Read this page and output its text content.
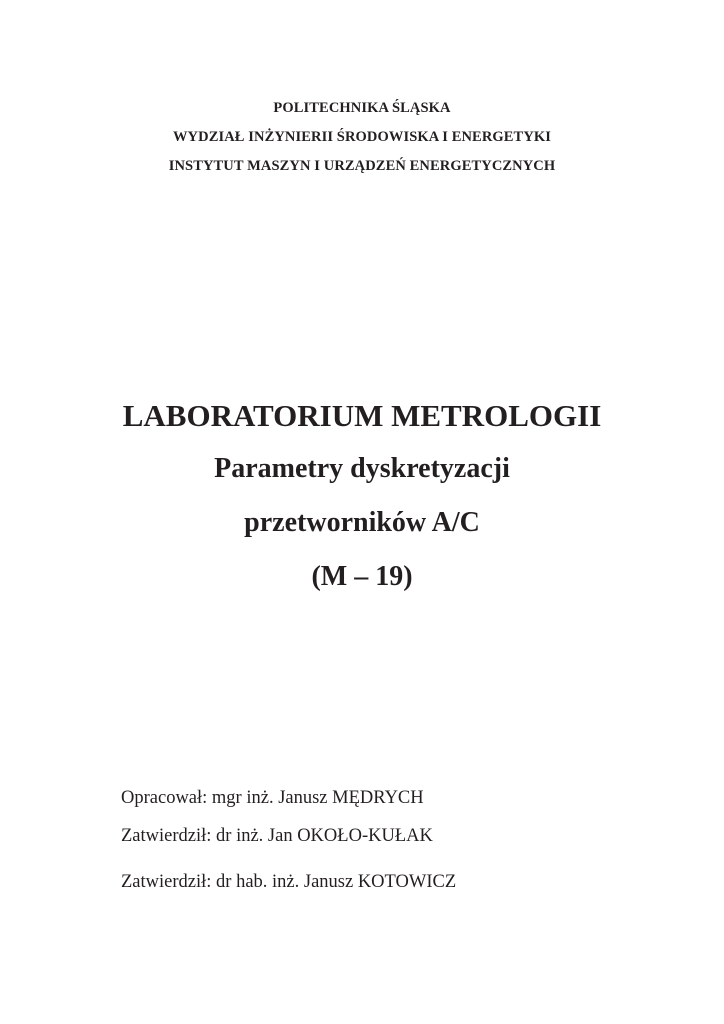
POLITECHNIKA ŚLĄSKA
WYDZIAŁ INŻYNIERII ŚRODOWISKA I ENERGETYKI
INSTYTUT MASZYN I URZĄDZEŃ ENERGETYCZNYCH
LABORATORIUM METROLOGII
Parametry dyskretyzacji
przetworników A/C
(M – 19)
Opracował: mgr inż. Janusz MĘDRYCH
Zatwierdził: dr inż. Jan OKOŁO-KUŁAK
Zatwierdził: dr hab. inż. Janusz KOTOWICZ
